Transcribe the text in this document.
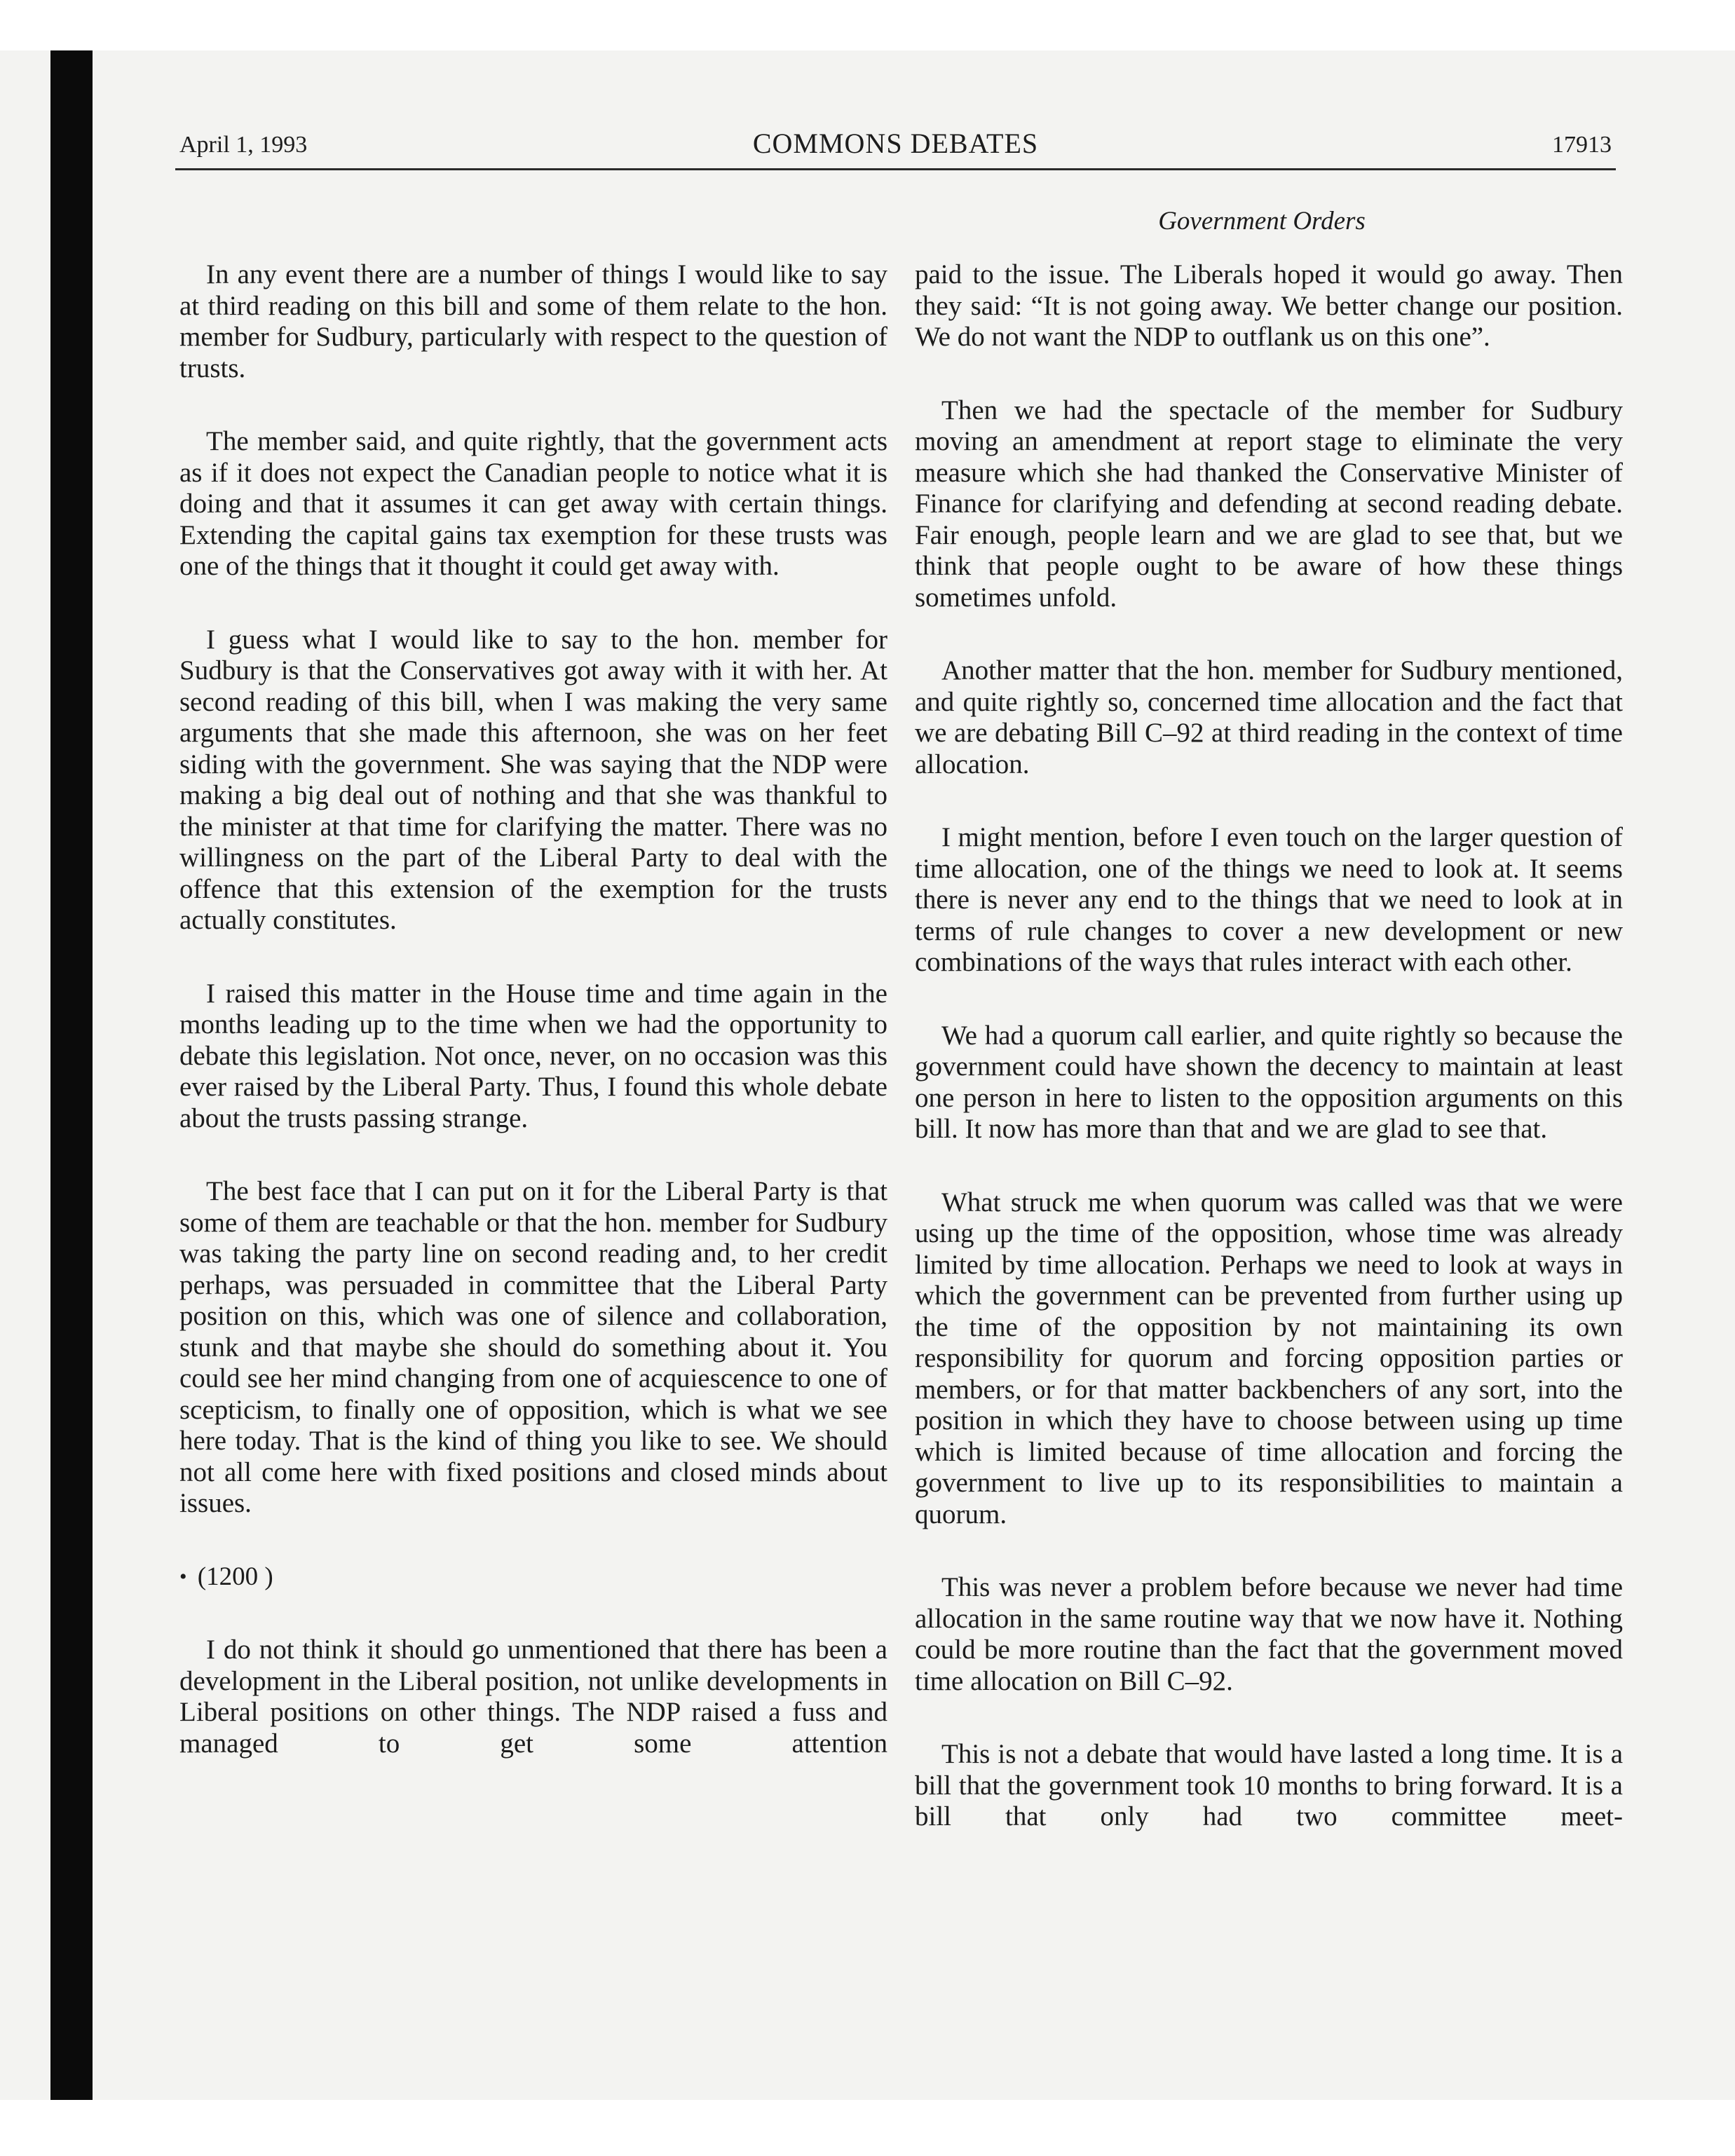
April 1, 1993	COMMONS DEBATES	17913
Government Orders

In any event there are a number of things I would like to say at third reading on this bill and some of them relate to the hon. member for Sudbury, particularly with respect to the question of trusts.

The member said, and quite rightly, that the government acts as if it does not expect the Canadian people to notice what it is doing and that it assumes it can get away with certain things. Extending the capital gains tax exemption for these trusts was one of the things that it thought it could get away with.

I guess what I would like to say to the hon. member for Sudbury is that the Conservatives got away with it with her. At second reading of this bill, when I was making the very same arguments that she made this afternoon, she was on her feet siding with the government. She was saying that the NDP were making a big deal out of nothing and that she was thankful to the minister at that time for clarifying the matter. There was no willingness on the part of the Liberal Party to deal with the offence that this extension of the exemption for the trusts actually constitutes.

I raised this matter in the House time and time again in the months leading up to the time when we had the opportunity to debate this legislation. Not once, never, on no occasion was this ever raised by the Liberal Party. Thus, I found this whole debate about the trusts passing strange.

The best face that I can put on it for the Liberal Party is that some of them are teachable or that the hon. member for Sudbury was taking the party line on second reading and, to her credit perhaps, was persuaded in committee that the Liberal Party position on this, which was one of silence and collaboration, stunk and that maybe she should do something about it. You could see her mind changing from one of acquiescence to one of scepticism, to finally one of opposition, which is what we see here today. That is the kind of thing you like to see. We should not all come here with fixed positions and closed minds about issues.

• (1200 )

I do not think it should go unmentioned that there has been a development in the Liberal position, not unlike developments in Liberal positions on other things. The NDP raised a fuss and managed to get some attention

paid to the issue. The Liberals hoped it would go away. Then they said: “It is not going away. We better change our position. We do not want the NDP to outflank us on this one”.

Then we had the spectacle of the member for Sudbury moving an amendment at report stage to eliminate the very measure which she had thanked the Conservative Minister of Finance for clarifying and defending at second reading debate. Fair enough, people learn and we are glad to see that, but we think that people ought to be aware of how these things sometimes unfold.

Another matter that the hon. member for Sudbury mentioned, and quite rightly so, concerned time allocation and the fact that we are debating Bill C–92 at third reading in the context of time allocation.

I might mention, before I even touch on the larger question of time allocation, one of the things we need to look at. It seems there is never any end to the things that we need to look at in terms of rule changes to cover a new development or new combinations of the ways that rules interact with each other.

We had a quorum call earlier, and quite rightly so because the government could have shown the decency to maintain at least one person in here to listen to the opposition arguments on this bill. It now has more than that and we are glad to see that.

What struck me when quorum was called was that we were using up the time of the opposition, whose time was already limited by time allocation. Perhaps we need to look at ways in which the government can be prevented from further using up the time of the opposition by not maintaining its own responsibility for quorum and forcing opposition parties or members, or for that matter backbenchers of any sort, into the position in which they have to choose between using up time which is limited because of time allocation and forcing the government to live up to its responsibilities to maintain a quorum.

This was never a problem before because we never had time allocation in the same routine way that we now have it. Nothing could be more routine than the fact that the government moved time allocation on Bill C–92.

This is not a debate that would have lasted a long time. It is a bill that the government took 10 months to bring forward. It is a bill that only had two committee meet-
